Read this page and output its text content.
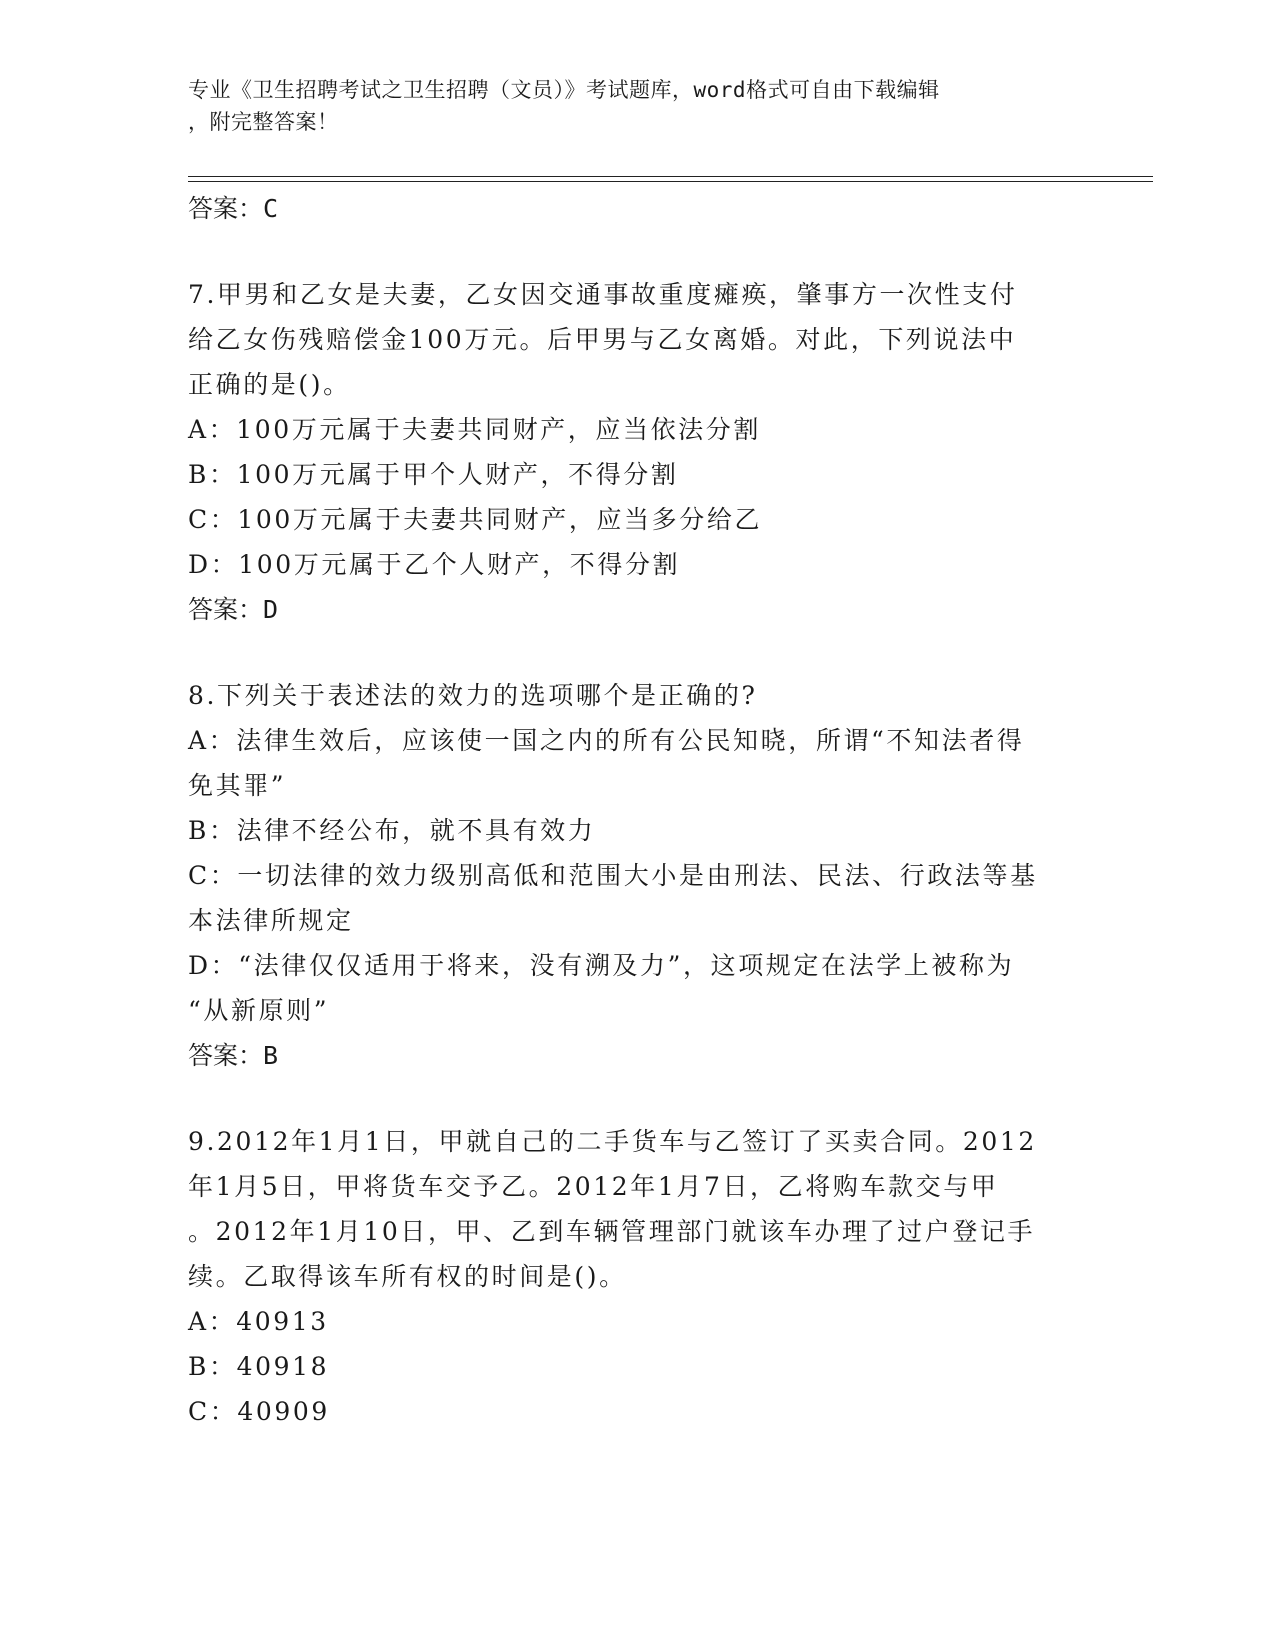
专业《卫生招聘考试之卫生招聘（文员）》考试题库，word格式可自由下载编辑
，附完整答案！

答案：C

7.甲男和乙女是夫妻，乙女因交通事故重度瘫痪，肇事方一次性支付

给乙女伤残赔偿金100万元。后甲男与乙女离婚。对此，下列说法中

正确的是()。

A：100万元属于夫妻共同财产，应当依法分割

B：100万元属于甲个人财产，不得分割

C：100万元属于夫妻共同财产，应当多分给乙

D：100万元属于乙个人财产，不得分割

答案：D

8.下列关于表述法的效力的选项哪个是正确的?

A：法律生效后，应该使一国之内的所有公民知晓，所谓“不知法者得

免其罪”

B：法律不经公布，就不具有效力

C：一切法律的效力级别高低和范围大小是由刑法、民法、行政法等基

本法律所规定

D：“法律仅仅适用于将来，没有溯及力”，这项规定在法学上被称为

“从新原则”

答案：B

9.2012年1月1日，甲就自己的二手货车与乙签订了买卖合同。2012

年1月5日，甲将货车交予乙。2012年1月7日，乙将购车款交与甲

。2012年1月10日，甲、乙到车辆管理部门就该车办理了过户登记手

续。乙取得该车所有权的时间是()。

A：40913

B：40918

C：40909
